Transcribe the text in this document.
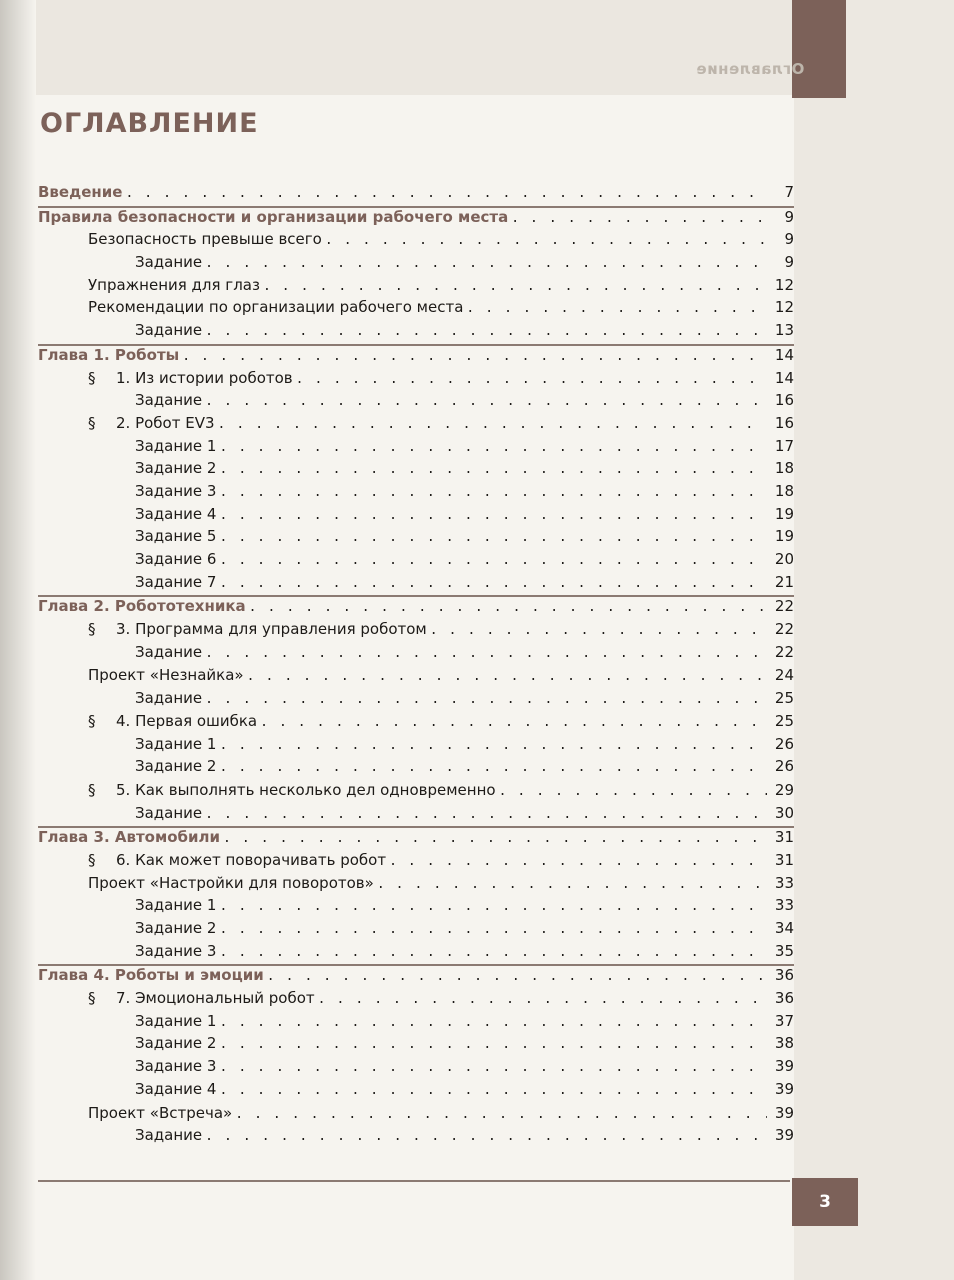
Оглавление
ОГЛАВЛЕНИЕ
Введение . . .	7
Правила безопасности и организации рабочего места . . .	9
Безопасность превыше всего . . .	9
Задание . . .	9
Упражнения для глаз . . .	12
Рекомендации по организации рабочего места . . .	12
Задание . . .	13
Глава 1. Роботы . . .	14
§ 1. Из истории роботов . . .	14
Задание . . .	16
§ 2. Робот EV3 . . .	16
Задание 1 . . .	17
Задание 2 . . .	18
Задание 3 . . .	18
Задание 4 . . .	19
Задание 5 . . .	19
Задание 6 . . .	20
Задание 7 . . .	21
Глава 2. Робототехника . . .	22
§ 3. Программа для управления роботом . . .	22
Задание . . .	22
Проект «Незнайка» . . .	24
Задание . . .	25
§ 4. Первая ошибка . . .	25
Задание 1 . . .	26
Задание 2 . . .	26
§ 5. Как выполнять несколько дел одновременно . . .	29
Задание . . .	30
Глава 3. Автомобили . . .	31
§ 6. Как может поворачивать робот . . .	31
Проект «Настройки для поворотов» . . .	33
Задание 1 . . .	33
Задание 2 . . .	34
Задание 3 . . .	35
Глава 4. Роботы и эмоции . . .	36
§ 7. Эмоциональный робот . . .	36
Задание 1 . . .	37
Задание 2 . . .	38
Задание 3 . . .	39
Задание 4 . . .	39
Проект «Встреча» . . .	39
Задание . . .	39
3
